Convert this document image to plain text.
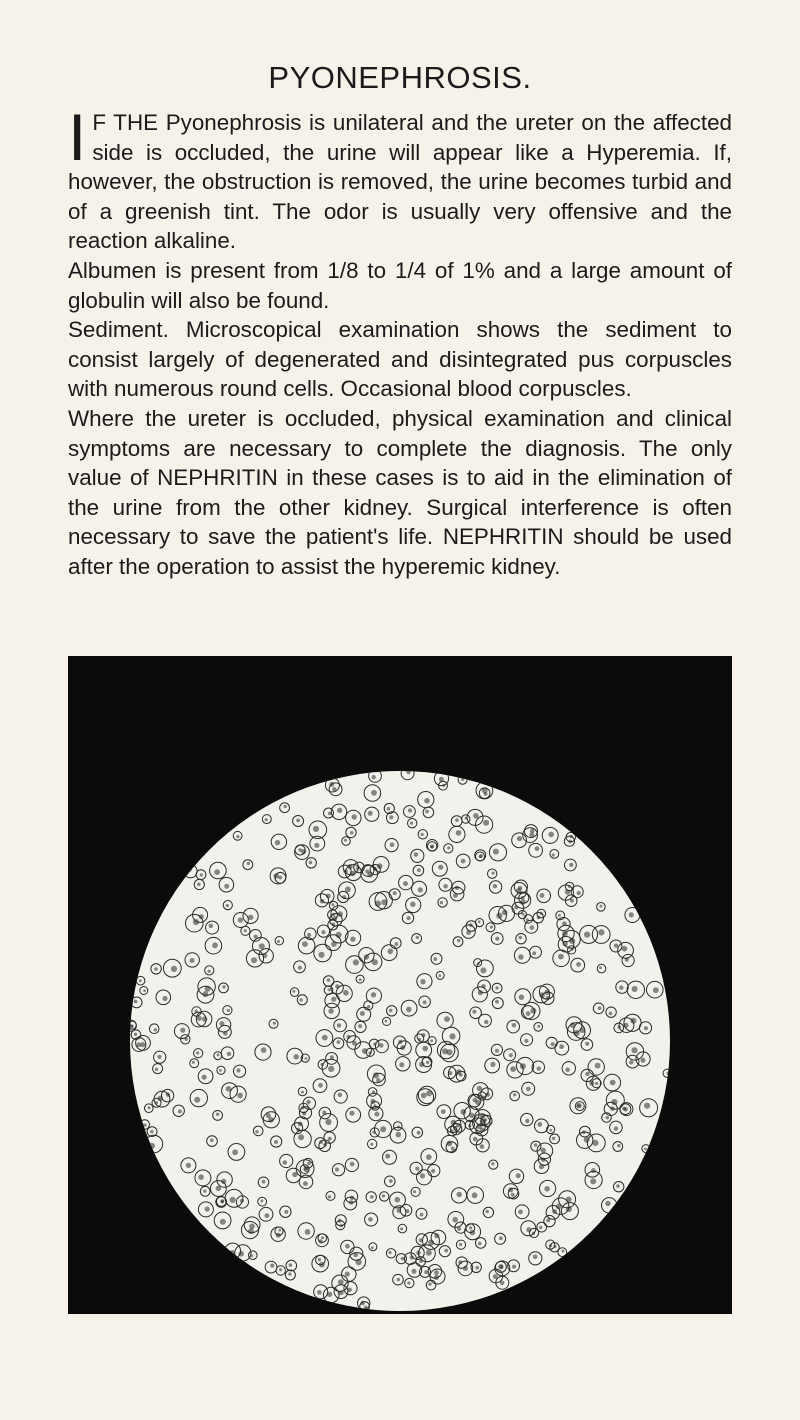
PYONEPHROSIS.

I F THE Pyonephrosis is unilateral and the ureter on the affected side is occluded, the urine will appear like a Hyperemia. If, however, the obstruction is removed, the urine becomes turbid and of a greenish tint. The odor is usually very offensive and the reaction alkaline.

Albumen is present from 1/8 to 1/4 of 1% and a large amount of globulin will also be found.

Sediment. Microscopical examination shows the sediment to consist largely of degenerated and disintegrated pus corpuscles with numerous round cells. Occasional blood corpuscles.

Where the ureter is occluded, physical examination and clinical symptoms are necessary to complete the diagnosis. The only value of NEPHRITIN in these cases is to aid in the elimination of the urine from the other kidney. Surgical interference is often necessary to save the patient's life. NEPHRITIN should be used after the operation to assist the hyperemic kidney.
